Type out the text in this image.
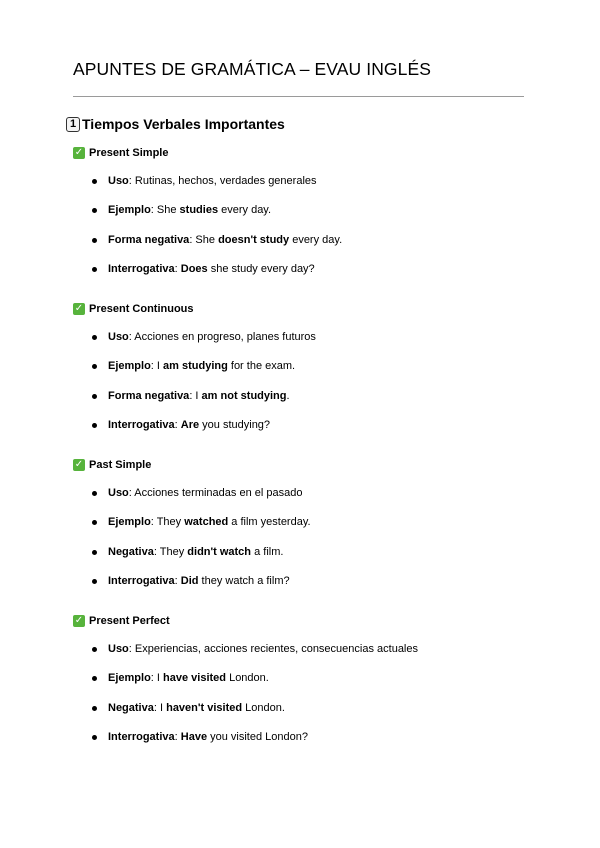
APUNTES DE GRAMÁTICA – EVAU INGLÉS
1 Tiempos Verbales Importantes
✓ Present Simple
Uso: Rutinas, hechos, verdades generales
Ejemplo: She studies every day.
Forma negativa: She doesn't study every day.
Interrogativa: Does she study every day?
✓ Present Continuous
Uso: Acciones en progreso, planes futuros
Ejemplo: I am studying for the exam.
Forma negativa: I am not studying.
Interrogativa: Are you studying?
✓ Past Simple
Uso: Acciones terminadas en el pasado
Ejemplo: They watched a film yesterday.
Negativa: They didn't watch a film.
Interrogativa: Did they watch a film?
✓ Present Perfect
Uso: Experiencias, acciones recientes, consecuencias actuales
Ejemplo: I have visited London.
Negativa: I haven't visited London.
Interrogativa: Have you visited London?
